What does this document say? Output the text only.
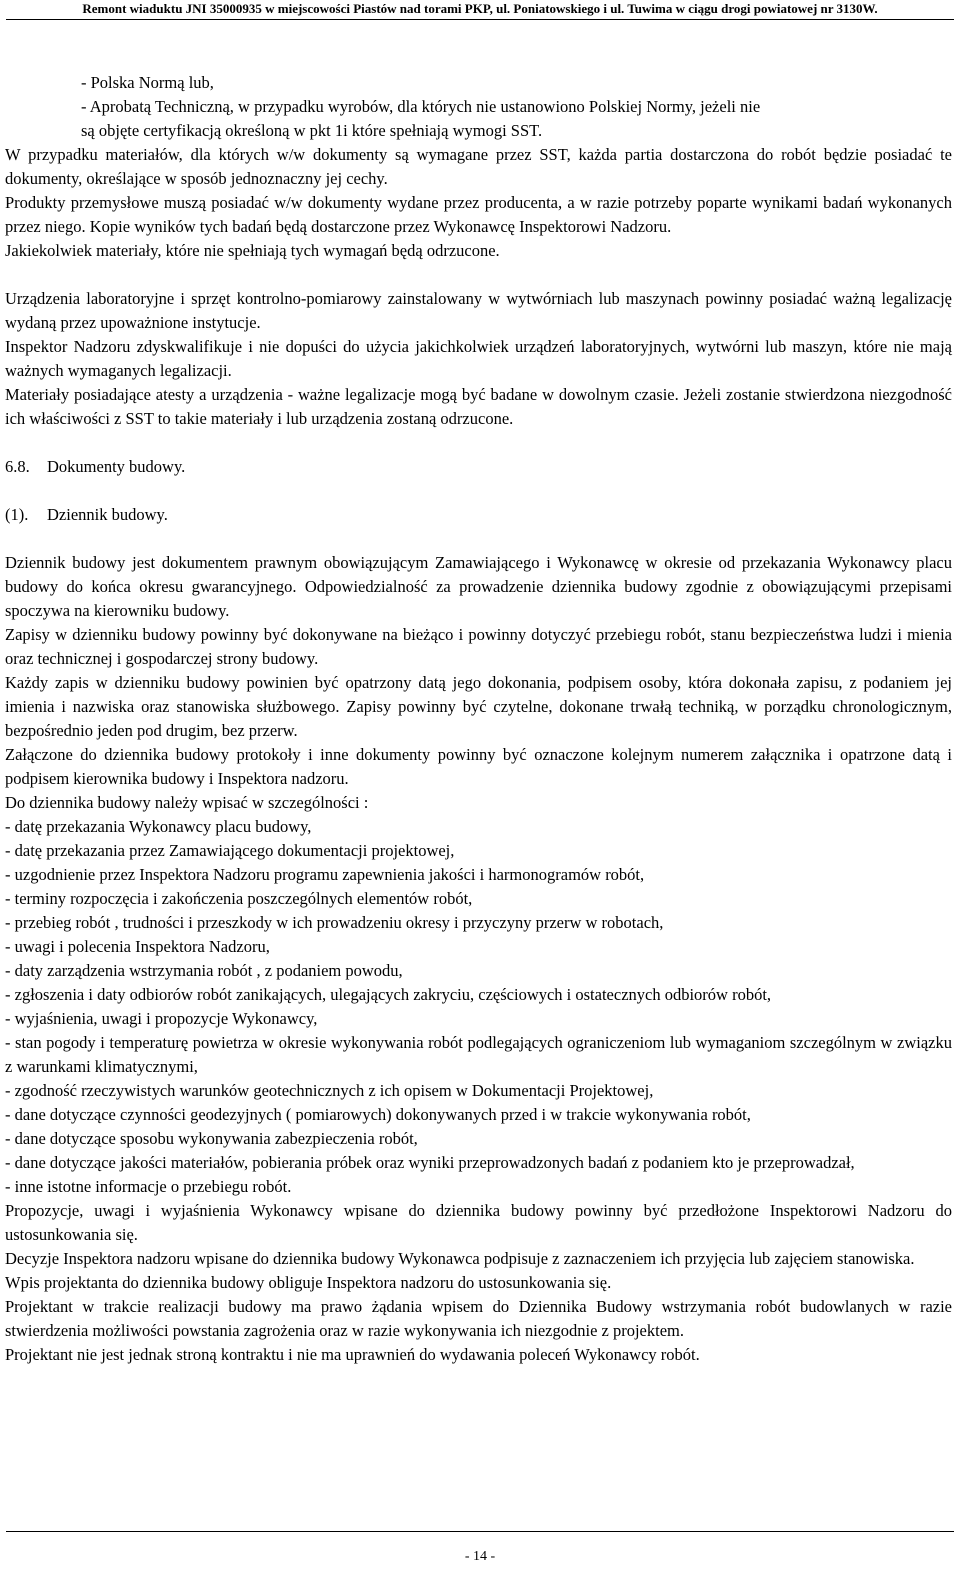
Remont wiaduktu JNI 35000935 w miejscowości Piastów nad torami PKP, ul. Poniatowskiego i ul. Tuwima w ciągu drogi powiatowej nr 3130W.

- Polska Normą lub,

- Aprobatą Techniczną, w przypadku wyrobów, dla których nie ustanowiono Polskiej Normy, jeżeli nie

są objęte certyfikacją określoną w pkt 1i które spełniają wymogi SST.

W przypadku materiałów, dla których w/w dokumenty są wymagane przez SST, każda partia dostarczona do robót będzie posiadać te dokumenty, określające w sposób jednoznaczny jej cechy.

Produkty przemysłowe muszą posiadać w/w dokumenty wydane przez producenta, a w razie potrzeby poparte wynikami badań wykonanych przez niego. Kopie wyników tych badań będą dostarczone przez Wykonawcę Inspektorowi Nadzoru.

Jakiekolwiek materiały, które nie spełniają tych wymagań będą odrzucone.

Urządzenia laboratoryjne i sprzęt kontrolno-pomiarowy zainstalowany w wytwórniach lub maszynach powinny posiadać ważną legalizację wydaną przez upoważnione instytucje.

Inspektor Nadzoru zdyskwalifikuje i nie dopuści do użycia jakichkolwiek urządzeń laboratoryjnych, wytwórni lub maszyn, które nie mają ważnych wymaganych legalizacji.

Materiały posiadające atesty a urządzenia - ważne legalizacje mogą być badane w dowolnym czasie. Jeżeli zostanie stwierdzona niezgodność ich właściwości z SST to takie materiały i lub urządzenia zostaną odrzucone.

6.8. Dokumenty budowy.

(1). Dziennik budowy.

Dziennik budowy jest dokumentem prawnym obowiązującym Zamawiającego i Wykonawcę w okresie od przekazania Wykonawcy placu budowy do końca okresu gwarancyjnego. Odpowiedzialność za prowadzenie dziennika budowy zgodnie z obowiązującymi przepisami spoczywa na kierowniku budowy.

Zapisy w dzienniku budowy powinny być dokonywane na bieżąco i powinny dotyczyć przebiegu robót, stanu bezpieczeństwa ludzi i mienia oraz technicznej i gospodarczej strony budowy.

Każdy zapis w dzienniku budowy powinien być opatrzony datą jego dokonania, podpisem osoby, która dokonała zapisu, z podaniem jej imienia i nazwiska oraz stanowiska służbowego. Zapisy powinny być czytelne, dokonane trwałą techniką, w porządku chronologicznym, bezpośrednio jeden pod drugim, bez przerw.

Załączone do dziennika budowy protokoły i inne dokumenty powinny być oznaczone kolejnym numerem załącznika i opatrzone datą i podpisem kierownika budowy i Inspektora nadzoru.

Do dziennika budowy należy wpisać w szczególności :

- datę przekazania Wykonawcy placu budowy,

- datę przekazania przez Zamawiającego dokumentacji projektowej,

- uzgodnienie przez Inspektora Nadzoru programu zapewnienia jakości i harmonogramów robót,

- terminy rozpoczęcia i zakończenia poszczególnych elementów robót,

- przebieg robót , trudności i przeszkody w ich prowadzeniu okresy i przyczyny przerw w robotach,

- uwagi i polecenia Inspektora Nadzoru,

- daty zarządzenia wstrzymania robót , z podaniem powodu,

- zgłoszenia i daty odbiorów robót zanikających, ulegających zakryciu, częściowych i ostatecznych odbiorów robót,

- wyjaśnienia, uwagi i propozycje Wykonawcy,

- stan pogody i temperaturę powietrza w okresie wykonywania robót podlegających ograniczeniom lub wymaganiom szczególnym w związku z warunkami klimatycznymi,

- zgodność rzeczywistych warunków geotechnicznych z ich opisem w Dokumentacji Projektowej,

- dane dotyczące czynności geodezyjnych ( pomiarowych) dokonywanych przed i w trakcie wykonywania robót,

- dane dotyczące sposobu wykonywania zabezpieczenia robót,

- dane dotyczące jakości materiałów, pobierania próbek oraz wyniki przeprowadzonych badań z podaniem kto je przeprowadzał,

- inne istotne informacje o przebiegu robót.

Propozycje, uwagi i wyjaśnienia Wykonawcy wpisane do dziennika budowy powinny być przedłożone Inspektorowi Nadzoru do ustosunkowania się.

Decyzje Inspektora nadzoru wpisane do dziennika budowy Wykonawca podpisuje z zaznaczeniem ich przyjęcia lub zajęciem stanowiska.

Wpis projektanta do dziennika budowy obliguje Inspektora nadzoru do ustosunkowania się.

Projektant w trakcie realizacji budowy ma prawo żądania wpisem do Dziennika Budowy wstrzymania robót budowlanych w razie stwierdzenia możliwości powstania zagrożenia oraz w razie wykonywania ich niezgodnie z projektem.

Projektant nie jest jednak stroną kontraktu i nie ma uprawnień do wydawania poleceń Wykonawcy robót.

- 14 -
